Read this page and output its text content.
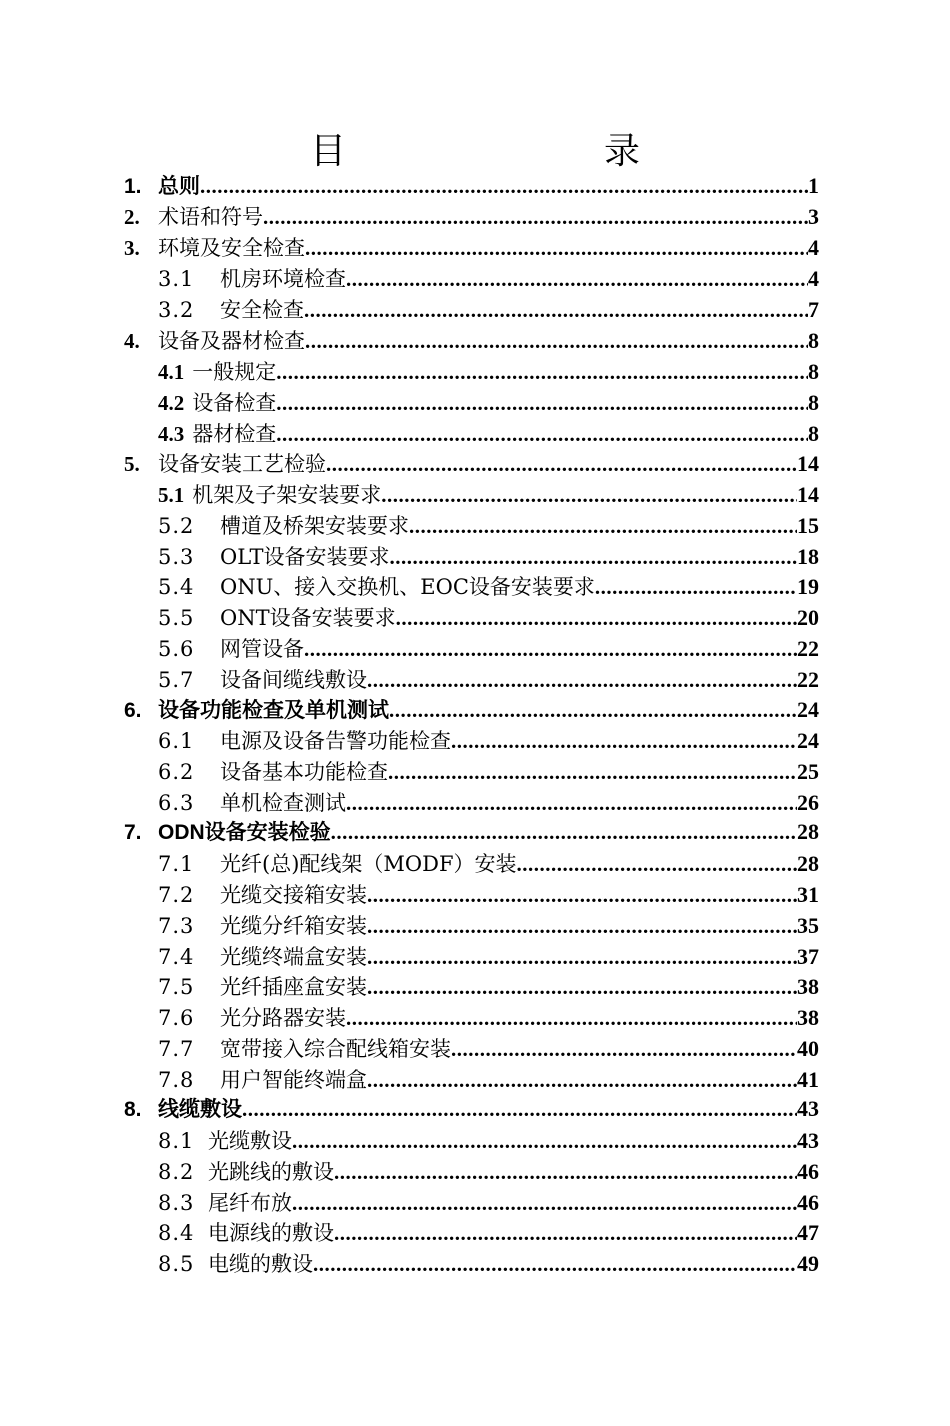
目　　录
1. 总则 .....	1
2. 术语和符号 .....	3
3. 环境及安全检查 .....	4
3.1	机房环境检查 .....	4
3.2	安全检查 .....	7
4. 设备及器材检查 .....	8
4.1 一般规定 .....	8
4.2 设备检查 .....	8
4.3 器材检查 .....	8
5. 设备安装工艺检验 .....	14
5.1 机架及子架安装要求 .....	14
5.2	槽道及桥架安装要求 .....	15
5.3	OLT设备安装要求 .....	18
5.4	ONU、接入交换机、EOC设备安装要求 .....	19
5.5	ONT设备安装要求 .....	20
5.6	网管设备 .....	22
5.7	设备间缆线敷设 .....	22
6. 设备功能检查及单机测试 .....	24
6.1	电源及设备告警功能检查 .....	24
6.2	设备基本功能检查 .....	25
6.3	单机检查测试 .....	26
7. ODN设备安装检验 .....	28
7.1	光纤(总)配线架（MODF）安装 .....	28
7.2	光缆交接箱安装 .....	31
7.3	光缆分纤箱安装 .....	35
7.4	光缆终端盒安装 .....	37
7.5	光纤插座盒安装 .....	38
7.6	光分路器安装 .....	38
7.7	宽带接入综合配线箱安装 .....	40
7.8	用户智能终端盒 .....	41
8. 线缆敷设 .....	43
8.1 光缆敷设 .....	43
8.2 光跳线的敷设 .....	46
8.3 尾纤布放 .....	46
8.4 电源线的敷设 .....	47
8.5 电缆的敷设 .....	49
